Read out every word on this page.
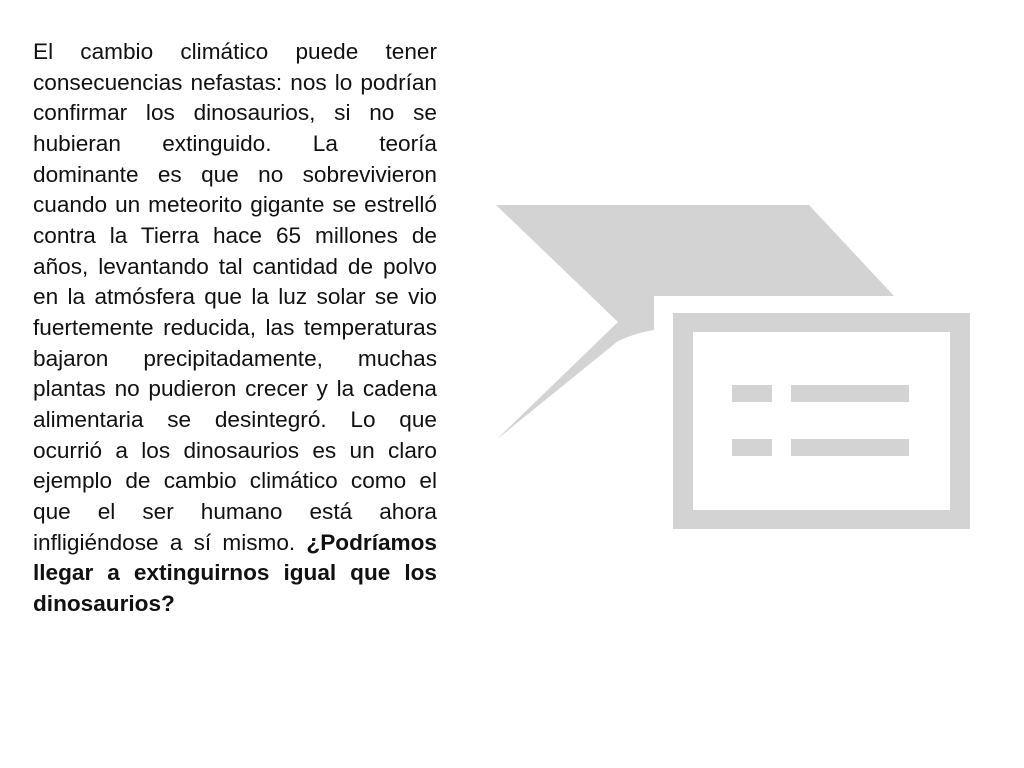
El cambio climático puede tener consecuencias nefastas: nos lo podrían confirmar los dinosaurios, si no se hubieran extinguido. La teoría dominante es que no sobrevivieron cuando un meteorito gigante se estrelló contra la Tierra hace 65 millones de años, levantando tal cantidad de polvo en la atmósfera que la luz solar se vio fuertemente reducida, las temperaturas bajaron precipitadamente, muchas plantas no pudieron crecer y la cadena alimentaria se desintegró. Lo que ocurrió a los dinosaurios es un claro ejemplo de cambio climático como el que el ser humano está ahora infligiéndose a sí mismo. ¿Podríamos llegar a extinguirnos igual que los dinosaurios?
